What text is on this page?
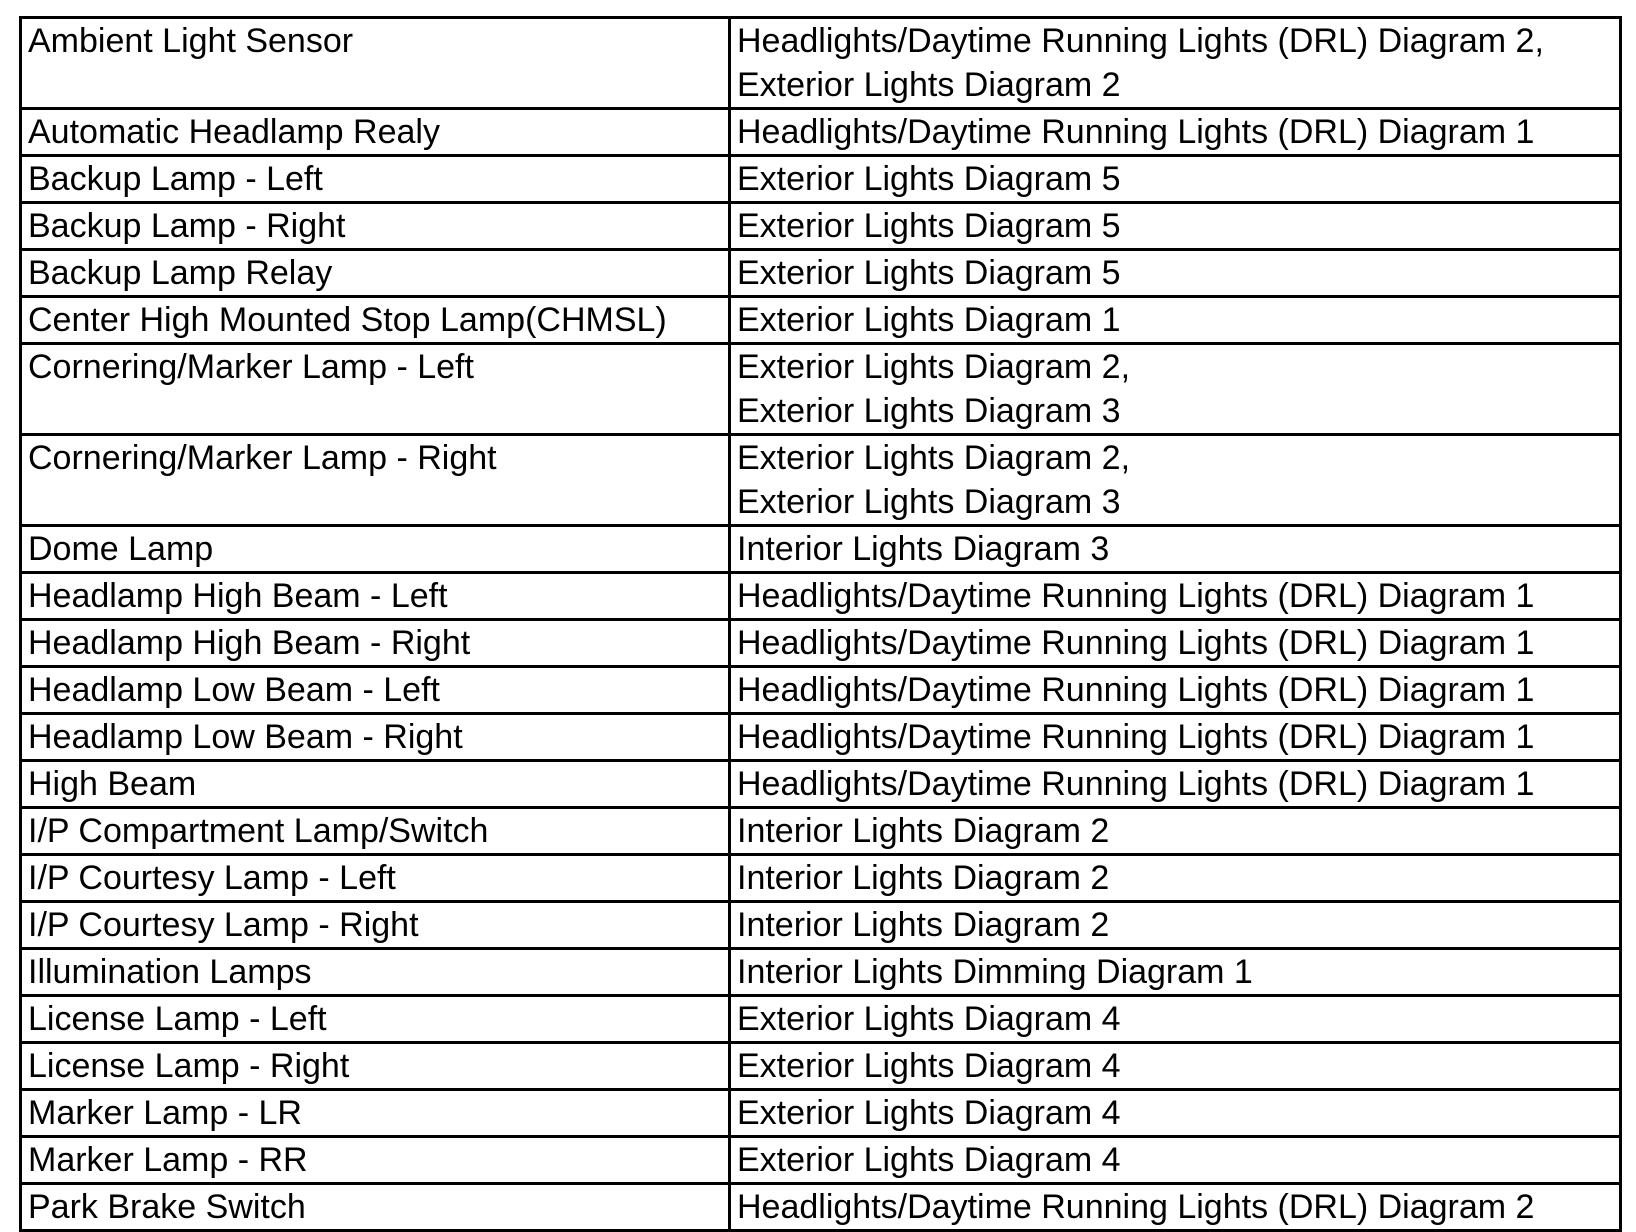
Ambient Light Sensor	Headlights/Daytime Running Lights (DRL) Diagram 2,
Exterior Lights Diagram 2

Automatic Headlamp Realy	Headlights/Daytime Running Lights (DRL) Diagram 1

Backup Lamp - Left	Exterior Lights Diagram 5

Backup Lamp - Right	Exterior Lights Diagram 5

Backup Lamp Relay	Exterior Lights Diagram 5

Center High Mounted Stop Lamp(CHMSL)	Exterior Lights Diagram 1

Cornering/Marker Lamp - Left	Exterior Lights Diagram 2,
Exterior Lights Diagram 3

Cornering/Marker Lamp - Right	Exterior Lights Diagram 2,
Exterior Lights Diagram 3

Dome Lamp	Interior Lights Diagram 3

Headlamp High Beam - Left	Headlights/Daytime Running Lights (DRL) Diagram 1

Headlamp High Beam - Right	Headlights/Daytime Running Lights (DRL) Diagram 1

Headlamp Low Beam - Left	Headlights/Daytime Running Lights (DRL) Diagram 1

Headlamp Low Beam - Right	Headlights/Daytime Running Lights (DRL) Diagram 1

High Beam	Headlights/Daytime Running Lights (DRL) Diagram 1

I/P Compartment Lamp/Switch	Interior Lights Diagram 2

I/P Courtesy Lamp - Left	Interior Lights Diagram 2

I/P Courtesy Lamp - Right	Interior Lights Diagram 2

Illumination Lamps	Interior Lights Dimming Diagram 1

License Lamp - Left	Exterior Lights Diagram 4

License Lamp - Right	Exterior Lights Diagram 4

Marker Lamp - LR	Exterior Lights Diagram 4

Marker Lamp - RR	Exterior Lights Diagram 4

Park Brake Switch	Headlights/Daytime Running Lights (DRL) Diagram 2
